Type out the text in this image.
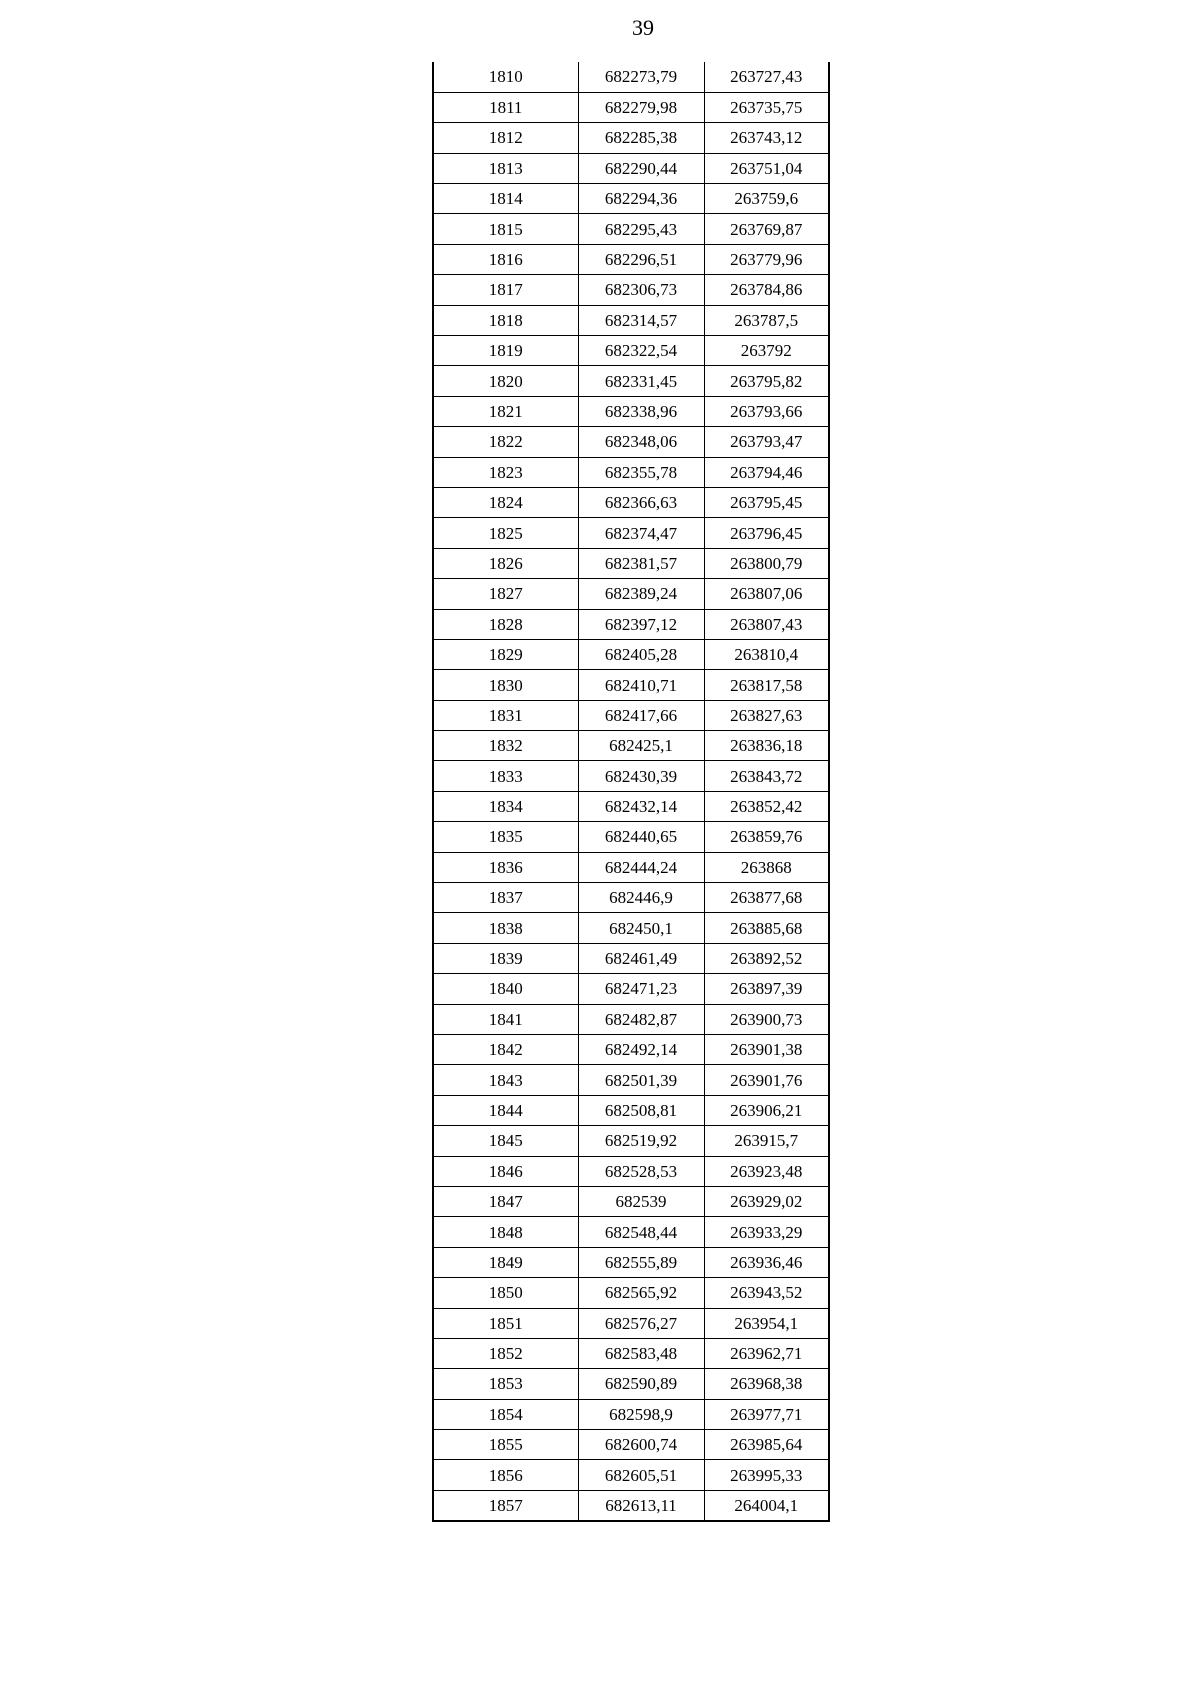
39
1810	682273,79	263727,43
1811	682279,98	263735,75
1812	682285,38	263743,12
1813	682290,44	263751,04
1814	682294,36	263759,6
1815	682295,43	263769,87
1816	682296,51	263779,96
1817	682306,73	263784,86
1818	682314,57	263787,5
1819	682322,54	263792
1820	682331,45	263795,82
1821	682338,96	263793,66
1822	682348,06	263793,47
1823	682355,78	263794,46
1824	682366,63	263795,45
1825	682374,47	263796,45
1826	682381,57	263800,79
1827	682389,24	263807,06
1828	682397,12	263807,43
1829	682405,28	263810,4
1830	682410,71	263817,58
1831	682417,66	263827,63
1832	682425,1	263836,18
1833	682430,39	263843,72
1834	682432,14	263852,42
1835	682440,65	263859,76
1836	682444,24	263868
1837	682446,9	263877,68
1838	682450,1	263885,68
1839	682461,49	263892,52
1840	682471,23	263897,39
1841	682482,87	263900,73
1842	682492,14	263901,38
1843	682501,39	263901,76
1844	682508,81	263906,21
1845	682519,92	263915,7
1846	682528,53	263923,48
1847	682539	263929,02
1848	682548,44	263933,29
1849	682555,89	263936,46
1850	682565,92	263943,52
1851	682576,27	263954,1
1852	682583,48	263962,71
1853	682590,89	263968,38
1854	682598,9	263977,71
1855	682600,74	263985,64
1856	682605,51	263995,33
1857	682613,11	264004,1
